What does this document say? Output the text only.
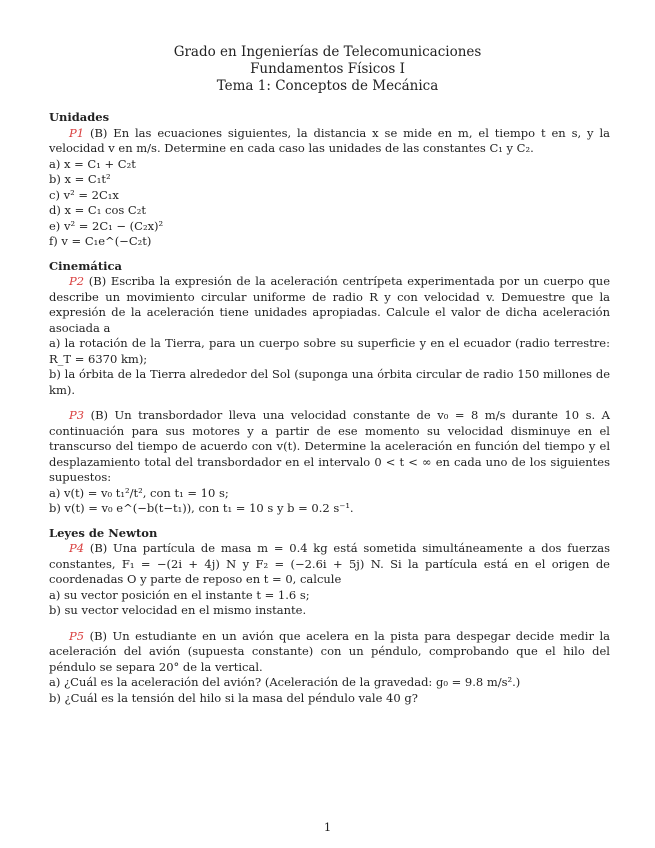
Grado en Ingenierías de Telecomunicaciones
Fundamentos Físicos I
Tema 1: Conceptos de Mecánica

Unidades

P1 (B) En las ecuaciones siguientes, la distancia x se mide en m, el tiempo t en s, y la velocidad v en m/s. Determine en cada caso las unidades de las constantes C₁ y C₂.

a) x = C₁ + C₂t

b) x = C₁t²

c) v² = 2C₁x

d) x = C₁ cos C₂t

e) v² = 2C₁ − (C₂x)²

f) v = C₁e^(−C₂t)

Cinemática

P2 (B) Escriba la expresión de la aceleración centrípeta experimentada por un cuerpo que describe un movimiento circular uniforme de radio R y con velocidad v. Demuestre que la expresión de la aceleración tiene unidades apropiadas. Calcule el valor de dicha aceleración asociada a

a) la rotación de la Tierra, para un cuerpo sobre su superficie y en el ecuador (radio terrestre: R_T = 6370 km);

b) la órbita de la Tierra alrededor del Sol (suponga una órbita circular de radio 150 millones de km).

P3 (B) Un transbordador lleva una velocidad constante de v₀ = 8 m/s durante 10 s. A continuación para sus motores y a partir de ese momento su velocidad disminuye en el transcurso del tiempo de acuerdo con v(t). Determine la aceleración en función del tiempo y el desplazamiento total del transbordador en el intervalo 0 < t < ∞ en cada uno de los siguientes supuestos:

a) v(t) = v₀ t₁²/t², con t₁ = 10 s;

b) v(t) = v₀ e^(−b(t−t₁)), con t₁ = 10 s y b = 0.2 s⁻¹.

Leyes de Newton

P4 (B) Una partícula de masa m = 0.4 kg está sometida simultáneamente a dos fuerzas constantes, F₁ = −(2i + 4j) N y F₂ = (−2.6i + 5j) N. Si la partícula está en el origen de coordenadas O y parte de reposo en t = 0, calcule

a) su vector posición en el instante t = 1.6 s;

b) su vector velocidad en el mismo instante.

P5 (B) Un estudiante en un avión que acelera en la pista para despegar decide medir la aceleración del avión (supuesta constante) con un péndulo, comprobando que el hilo del péndulo se separa 20° de la vertical.

a) ¿Cuál es la aceleración del avión? (Aceleración de la gravedad: g₀ = 9.8 m/s².)

b) ¿Cuál es la tensión del hilo si la masa del péndulo vale 40 g?

1
